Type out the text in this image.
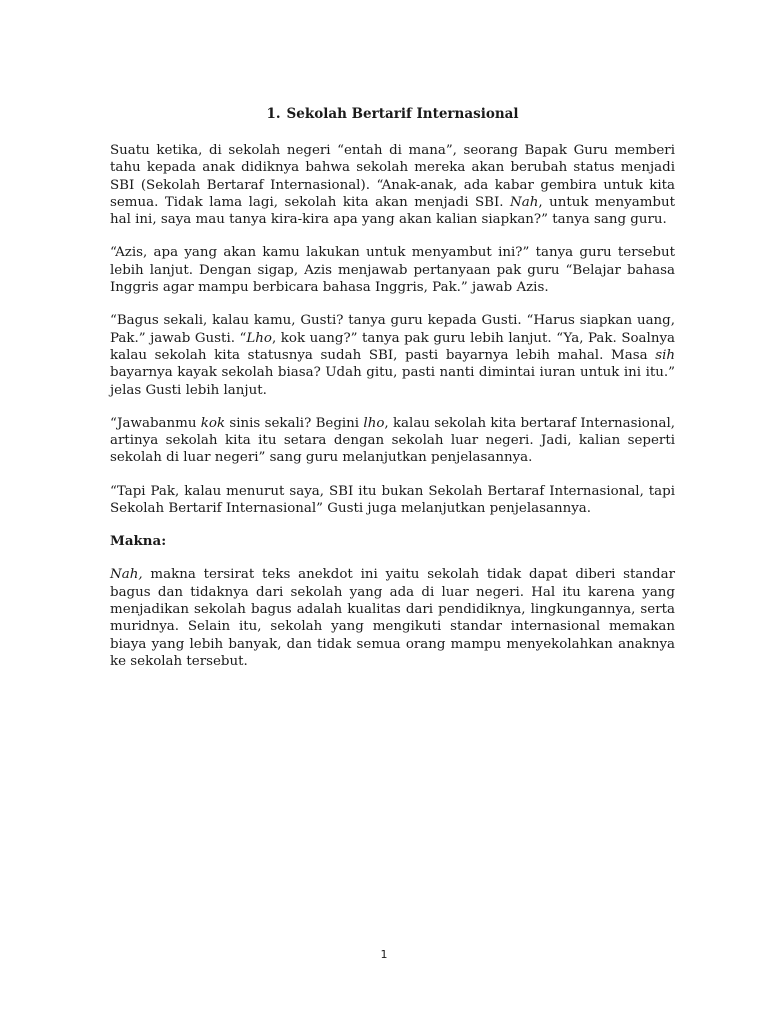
1. Sekolah Bertarif Internasional

Suatu ketika, di sekolah negeri “entah di mana”, seorang Bapak Guru memberi tahu kepada anak didiknya bahwa sekolah mereka akan berubah status menjadi SBI (Sekolah Bertaraf Internasional). “Anak-anak, ada kabar gembira untuk kita semua. Tidak lama lagi, sekolah kita akan menjadi SBI. Nah, untuk menyambut hal ini, saya mau tanya kira-kira apa yang akan kalian siapkan?” tanya sang guru.

“Azis, apa yang akan kamu lakukan untuk menyambut ini?” tanya guru tersebut lebih lanjut. Dengan sigap, Azis menjawab pertanyaan pak guru “Belajar bahasa Inggris agar mampu berbicara bahasa Inggris, Pak.” jawab Azis.

“Bagus sekali, kalau kamu, Gusti? tanya guru kepada Gusti. “Harus siapkan uang, Pak.” jawab Gusti. “Lho, kok uang?” tanya pak guru lebih lanjut. “Ya, Pak. Soalnya kalau sekolah kita statusnya sudah SBI, pasti bayarnya lebih mahal. Masa sih bayarnya kayak sekolah biasa? Udah gitu, pasti nanti dimintai iuran untuk ini itu.” jelas Gusti lebih lanjut.

“Jawabanmu kok sinis sekali? Begini lho, kalau sekolah kita bertaraf Internasional, artinya sekolah kita itu setara dengan sekolah luar negeri. Jadi, kalian seperti sekolah di luar negeri” sang guru melanjutkan penjelasannya.

“Tapi Pak, kalau menurut saya, SBI itu bukan Sekolah Bertaraf Internasional, tapi Sekolah Bertarif Internasional” Gusti juga melanjutkan penjelasannya.

Makna:

Nah, makna tersirat teks anekdot ini yaitu sekolah tidak dapat diberi standar bagus dan tidaknya dari sekolah yang ada di luar negeri. Hal itu karena yang menjadikan sekolah bagus adalah kualitas dari pendidiknya, lingkungannya, serta muridnya. Selain itu, sekolah yang mengikuti standar internasional memakan biaya yang lebih banyak, dan tidak semua orang mampu menyekolahkan anaknya ke sekolah tersebut.

1
